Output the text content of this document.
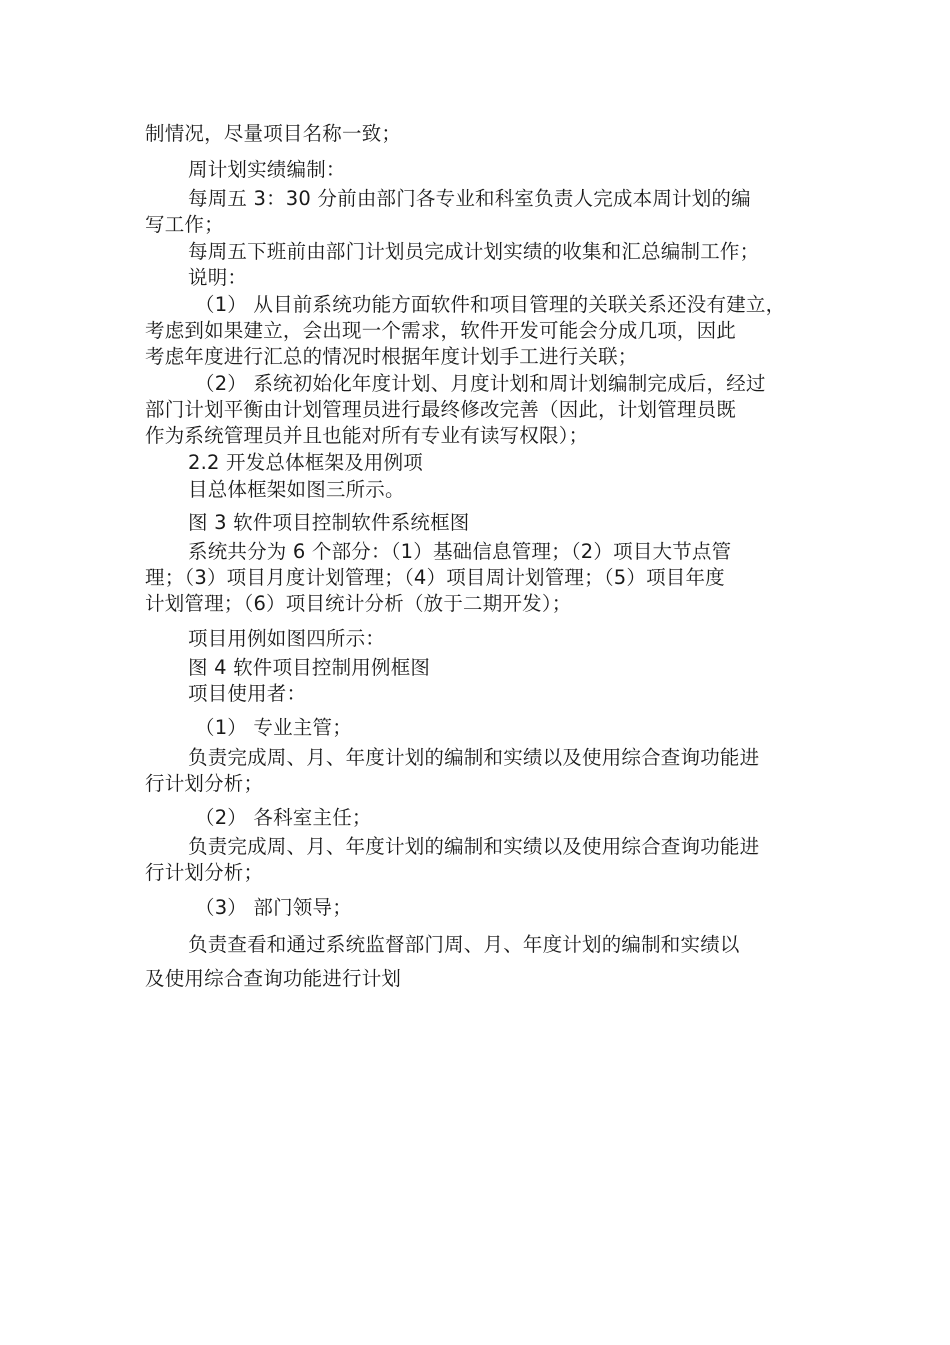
制情况，尽量项目名称一致；
周计划实绩编制：
每周五 3：30 分前由部门各专业和科室负责人完成本周计划的编
写工作；
每周五下班前由部门计划员完成计划实绩的收集和汇总编制工作；
说明：
（1） 从目前系统功能方面软件和项目管理的关联关系还没有建立，
考虑到如果建立，会出现一个需求，软件开发可能会分成几项，因此
考虑年度进行汇总的情况时根据年度计划手工进行关联；
（2） 系统初始化年度计划、月度计划和周计划编制完成后，经过
部门计划平衡由计划管理员进行最终修改完善（因此，计划管理员既
作为系统管理员并且也能对所有专业有读写权限）；
2.2 开发总体框架及用例项
目总体框架如图三所示。
图 3 软件项目控制软件系统框图
系统共分为 6 个部分：（1）基础信息管理；（2）项目大节点管
理；（3）项目月度计划管理；（4）项目周计划管理；（5）项目年度
计划管理；（6）项目统计分析（放于二期开发）；
项目用例如图四所示：
图 4 软件项目控制用例框图
项目使用者：
（1） 专业主管；
负责完成周、月、年度计划的编制和实绩以及使用综合查询功能进
行计划分析；
（2） 各科室主任；
负责完成周、月、年度计划的编制和实绩以及使用综合查询功能进
行计划分析；
（3） 部门领导；
负责查看和通过系统监督部门周、月、年度计划的编制和实绩以
及使用综合查询功能进行计划
